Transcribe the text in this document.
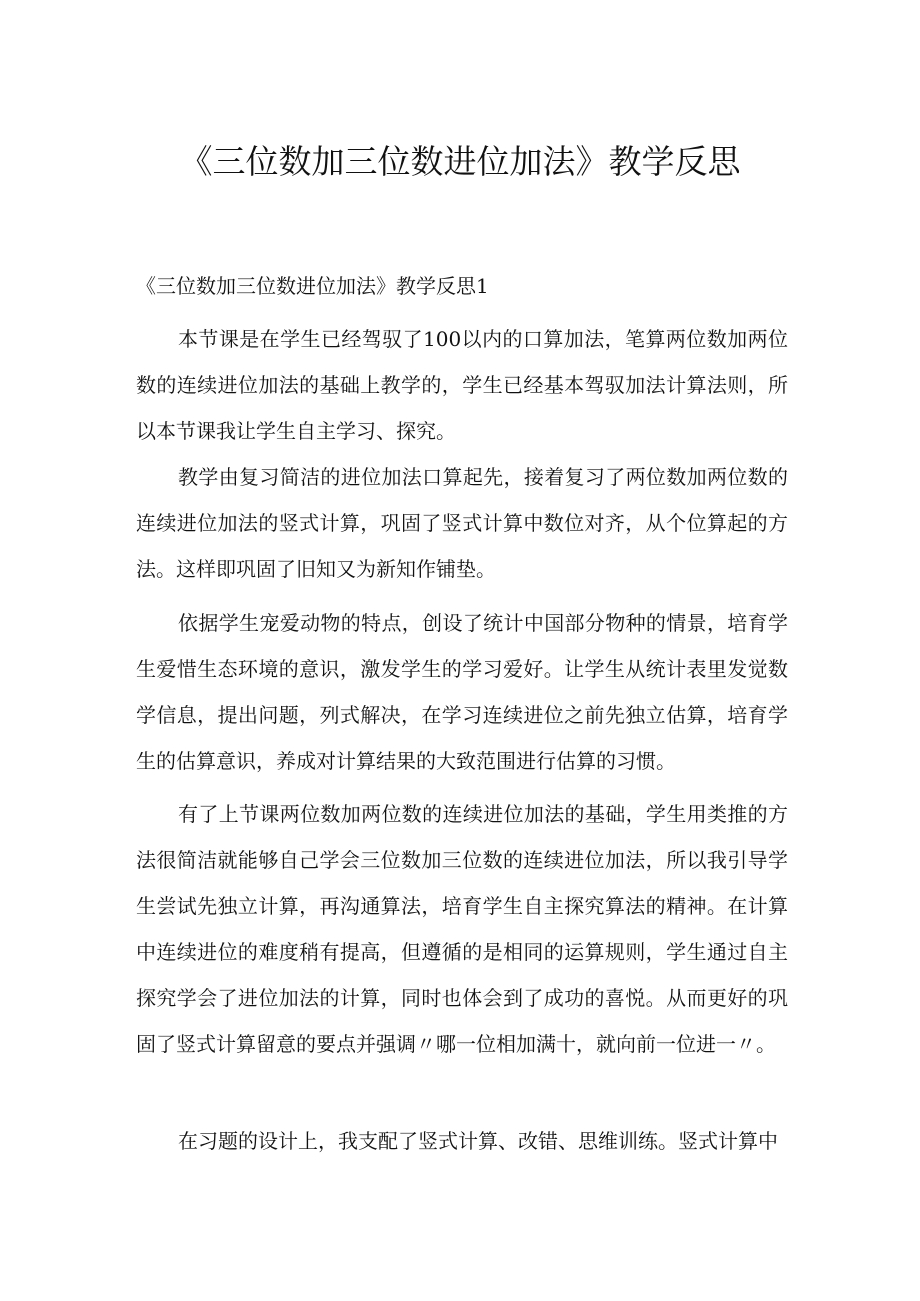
《三位数加三位数进位加法》教学反思

《三位数加三位数进位加法》教学反思1

本节课是在学生已经驾驭了100以内的口算加法，笔算两位数加两位数的连续进位加法的基础上教学的，学生已经基本驾驭加法计算法则，所以本节课我让学生自主学习、探究。

教学由复习简洁的进位加法口算起先，接着复习了两位数加两位数的连续进位加法的竖式计算，巩固了竖式计算中数位对齐，从个位算起的方法。这样即巩固了旧知又为新知作铺垫。

依据学生宠爱动物的特点，创设了统计中国部分物种的情景，培育学生爱惜生态环境的意识，激发学生的学习爱好。让学生从统计表里发觉数学信息，提出问题，列式解决，在学习连续进位之前先独立估算，培育学生的估算意识，养成对计算结果的大致范围进行估算的习惯。

有了上节课两位数加两位数的连续进位加法的基础，学生用类推的方法很简洁就能够自己学会三位数加三位数的连续进位加法，所以我引导学生尝试先独立计算，再沟通算法，培育学生自主探究算法的精神。在计算中连续进位的难度稍有提高，但遵循的是相同的运算规则，学生通过自主探究学会了进位加法的计算，同时也体会到了成功的喜悦。从而更好的巩固了竖式计算留意的要点并强调〃哪一位相加满十，就向前一位进一〃。

在习题的设计上，我支配了竖式计算、改错、思维训练。竖式计算中
